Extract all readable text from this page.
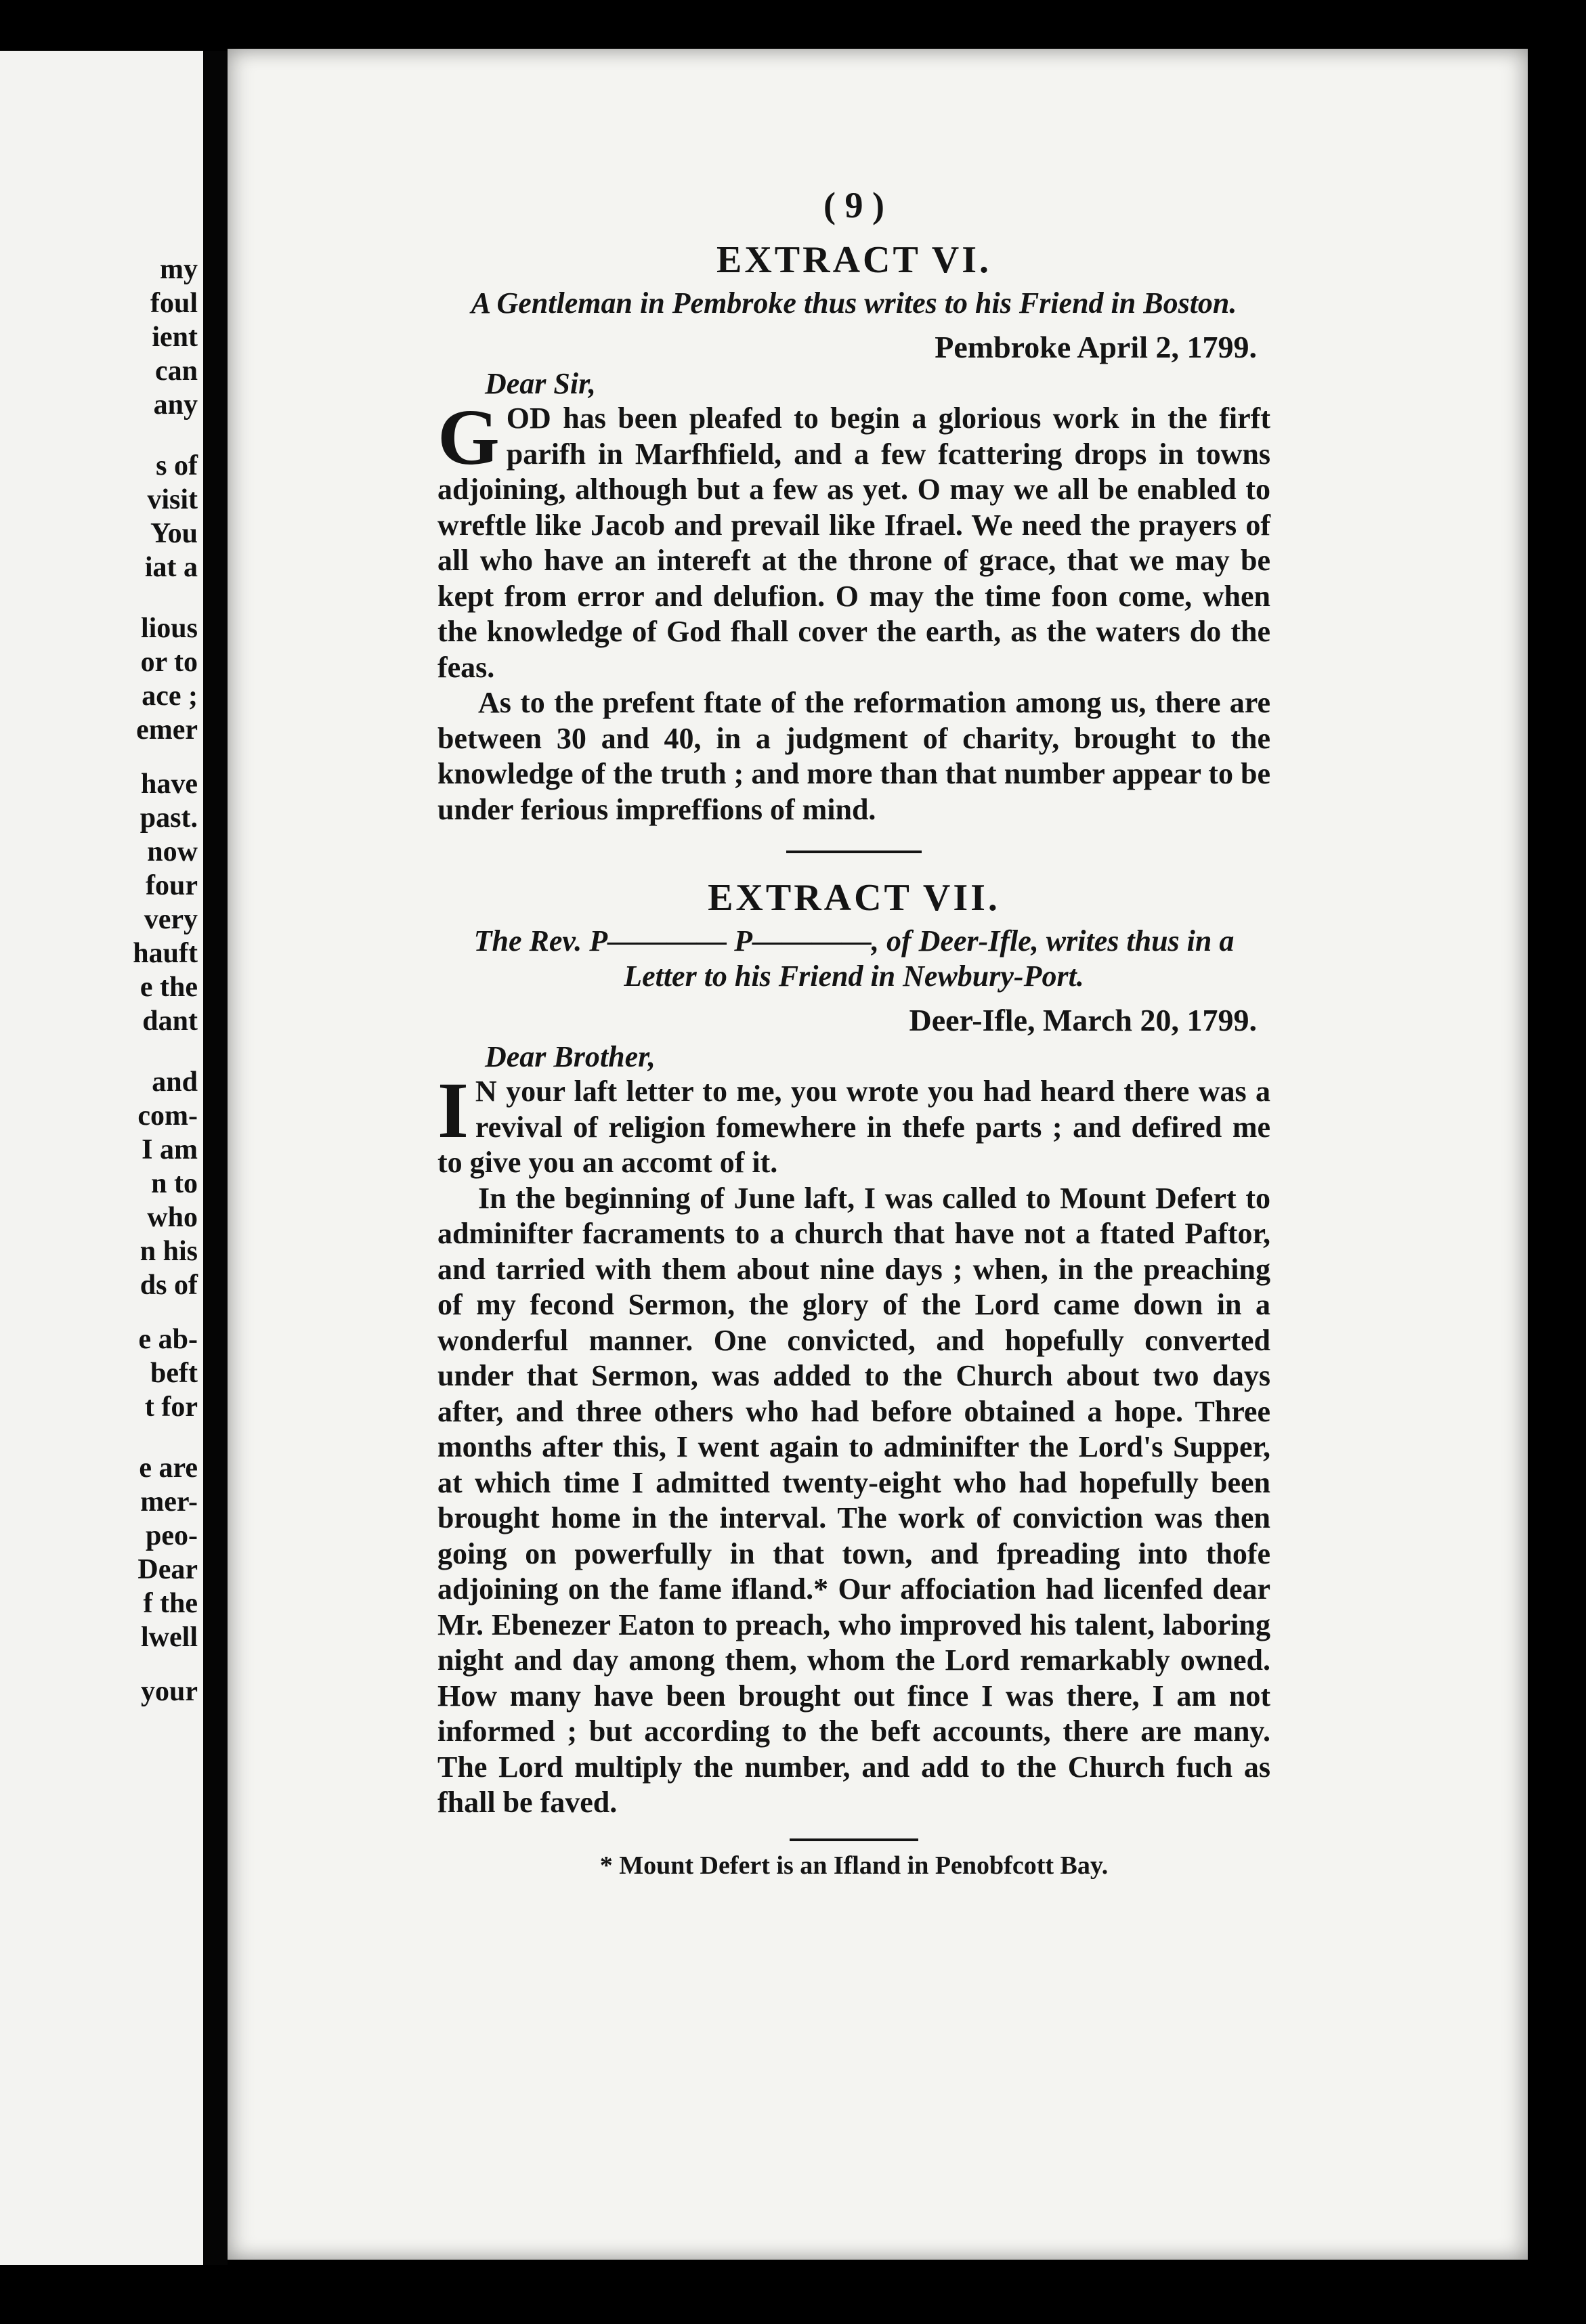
my
foul
ient
can
any
s of
visit
You
iat a
lious
or to
ace ;
emer
have
past.
now
four
very
hauft
e the
dant
and
com-
I am
n to
who
n his
ds of
e ab-
beft
t for
e are
mer-
peo-
Dear
f the
lwell
your
( 9 )
EXTRACT VI.
A Gentleman in Pembroke thus writes to his Friend in Boston.
Pembroke April 2, 1799.
Dear Sir,

GOD has been pleafed to begin a glorious work in the firft parifh in Marfhfield, and a few fcattering drops in towns adjoining, although but a few as yet. O may we all be enabled to wreftle like Jacob and prevail like Ifrael. We need the prayers of all who have an intereft at the throne of grace, that we may be kept from error and delufion. O may the time foon come, when the knowledge of God fhall cover the earth, as the waters do the feas.

As to the prefent ftate of the reformation among us, there are between 30 and 40, in a judgment of charity, brought to the knowledge of the truth ; and more than that number appear to be under ferious impreffions of mind.

EXTRACT VII.
The Rev. P―――― P――――, of Deer-Ifle, writes thus in a Letter to his Friend in Newbury-Port.
Deer-Ifle, March 20, 1799.
Dear Brother,

I N your laft letter to me, you wrote you had heard there was a revival of religion fomewhere in thefe parts ; and defired me to give you an accomt of it.

In the beginning of June laft, I was called to Mount Defert to adminifter facraments to a church that have not a ftated Paftor, and tarried with them about nine days ; when, in the preaching of my fecond Sermon, the glory of the Lord came down in a wonderful manner. One convicted, and hopefully converted under that Sermon, was added to the Church about two days after, and three others who had before obtained a hope. Three months after this, I went again to adminifter the Lord's Supper, at which time I admitted twenty-eight who had hopefully been brought home in the interval. The work of conviction was then going on powerfully in that town, and fpreading into thofe adjoining on the fame ifland.* Our affociation had licenfed dear Mr. Ebenezer Eaton to preach, who improved his talent, laboring night and day among them, whom the Lord remarkably owned. How many have been brought out fince I was there, I am not informed ; but according to the beft accounts, there are many. The Lord multiply the number, and add to the Church fuch as fhall be faved.

* Mount Defert is an Ifland in Penobfcott Bay.
